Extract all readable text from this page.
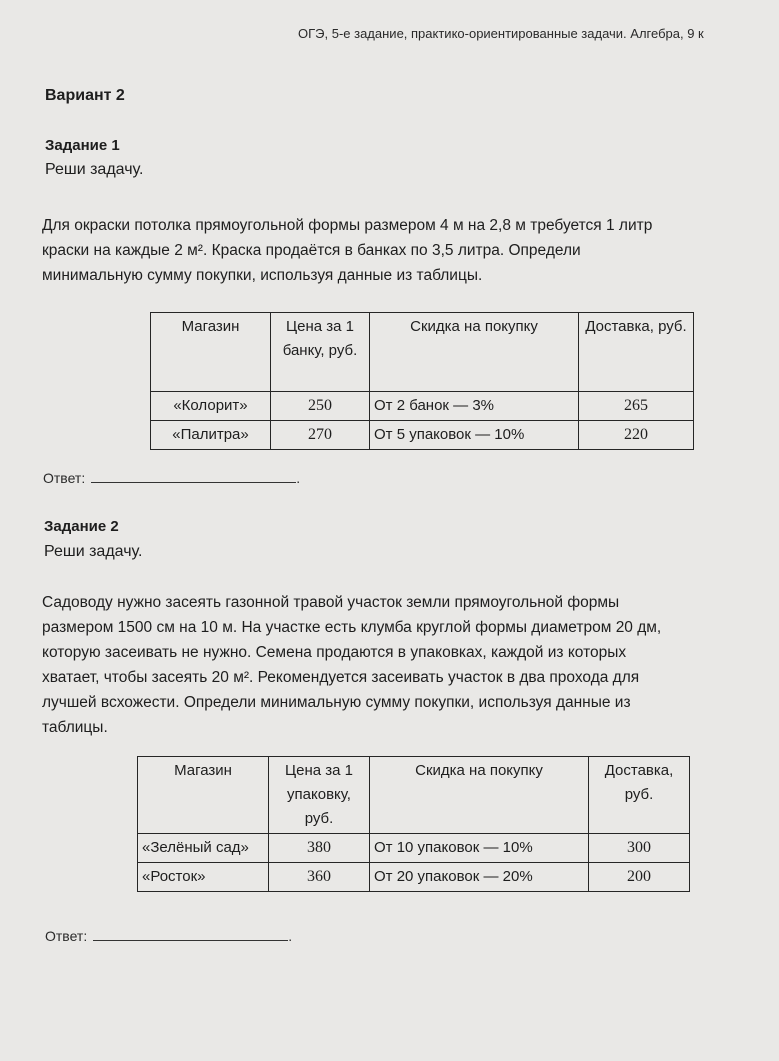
ОГЭ, 5-е задание, практико-ориентированные задачи. Алгебра, 9 к
Вариант 2
Задание 1
Реши задачу.
Для окраски потолка прямоугольной формы размером 4 м на 2,8 м требуется 1 литр
краски на каждые 2 м². Краска продаётся в банках по 3,5 литра. Определи
минимальную сумму покупки, используя данные из таблицы.
Магазин	Цена за 1 банку, руб.	Скидка на покупку	Доставка, руб.
«Колорит»	250	От 2 банок — 3%	265
«Палитра»	270	От 5 упаковок — 10%	220
Ответ:	.
Задание 2
Реши задачу.
Садоводу нужно засеять газонной травой участок земли прямоугольной формы
размером 1500 см на 10 м. На участке есть клумба круглой формы диаметром 20 дм,
которую засеивать не нужно. Семена продаются в упаковках, каждой из которых
хватает, чтобы засеять 20 м². Рекомендуется засеивать участок в два прохода для
лучшей всхожести. Определи минимальную сумму покупки, используя данные из
таблицы.
Магазин	Цена за 1 упаковку, руб.	Скидка на покупку	Доставка, руб.
«Зелёный сад»	380	От 10 упаковок — 10%	300
«Росток»	360	От 20 упаковок — 20%	200
Ответ:	.
